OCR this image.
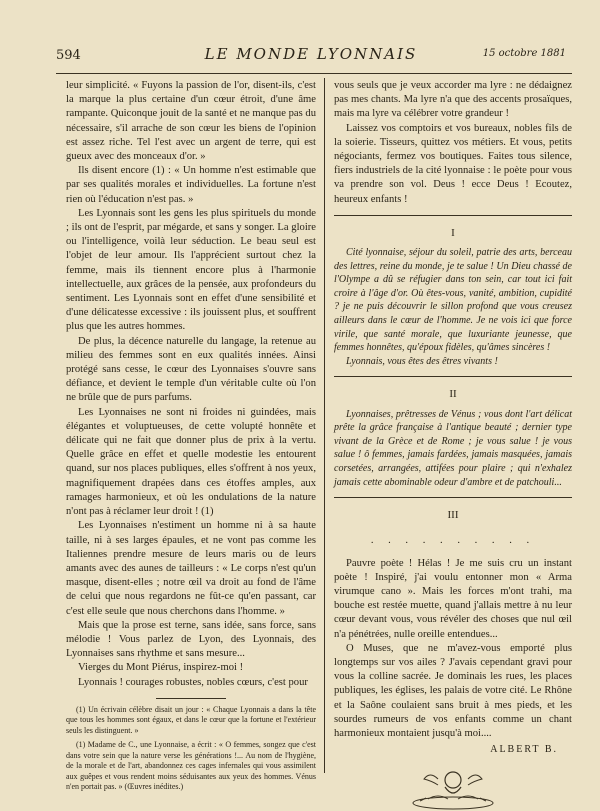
594	LE MONDE LYONNAIS	15 octobre 1881

leur simplicité. « Fuyons la passion de l'or, disent-ils, c'est la marque la plus certaine d'un cœur étroit, d'une âme rampante. Quiconque jouit de la santé et ne manque pas du nécessaire, s'il arrache de son cœur les biens de l'opinion est assez riche. Tel l'est avec un argent de terre, qui est gueux avec des monceaux d'or. »

Ils disent encore (1) : « Un homme n'est estimable que par ses qualités morales et individuelles. La fortune n'est rien où l'éducation n'est pas. »

Les Lyonnais sont les gens les plus spirituels du monde ; ils ont de l'esprit, par mégarde, et sans y songer. La gloire ou l'intelligence, voilà leur séduction. Le beau seul est l'objet de leur amour. Ils l'apprécient surtout chez la femme, mais ils tiennent encore plus à l'harmonie intellectuelle, aux grâces de la pensée, aux profondeurs du sentiment. Les Lyonnais sont en effet d'une sensibilité et d'une délicatesse excessive : ils jouissent plus, et souffrent plus que les autres hommes.

De plus, la décence naturelle du langage, la retenue au milieu des femmes sont en eux qualités innées. Ainsi protégé sans cesse, le cœur des Lyonnaises s'ouvre sans défiance, et devient le temple d'un véritable culte où l'on ne brûle que de purs parfums.

Les Lyonnaises ne sont ni froides ni guindées, mais élégantes et voluptueuses, de cette volupté honnête et délicate qui ne fait que donner plus de prix à la vertu. Quelle grâce en effet et quelle modestie les entourent quand, sur nos places publiques, elles s'offrent à nos yeux, magnifiquement drapées dans ces étoffes amples, aux ramages harmonieux, et où les ondulations de la nature n'ont pas à réclamer leur droit ! (1)

Les Lyonnaises n'estiment un homme ni à sa haute taille, ni à ses larges épaules, et ne vont pas comme les Italiennes prendre mesure de leurs maris ou de leurs amants avec des aunes de tailleurs : « Le corps n'est qu'un masque, disent-elles ; notre œil va droit au fond de l'âme de celui que nous regardons ne fût-ce qu'en passant, car c'est elle seule que nous cherchons dans l'homme. »

Mais que la prose est terne, sans idée, sans force, sans mélodie ! Vous parlez de Lyon, des Lyonnais, des Lyonnaises sans rhythme et sans mesure...

Vierges du Mont Piérus, inspirez-moi !

Lyonnais ! courages robustes, nobles cœurs, c'est pour

(1) Un écrivain célèbre disait un jour : « Chaque Lyonnais a dans la tête que tous les hommes sont égaux, et dans le cœur que la fortune et l'extérieur seuls les distinguent. »

(1) Madame de C., une Lyonnaise, a écrit : « O femmes, songez que c'est dans votre sein que la nature verse les générations !... Au nom de l'hygiène, de la morale et de l'art, abandonnez ces cages infernales qui vous assimilent aux guêpes et vous rendent moins séduisantes aux yeux des hommes. Vénus n'en portait pas. » (Œuvres inédites.)

vous seuls que je veux accorder ma lyre : ne dédaignez pas mes chants. Ma lyre n'a que des accents prosaïques, mais ma lyre va célébrer votre grandeur !

Laissez vos comptoirs et vos bureaux, nobles fils de la soierie. Tisseurs, quittez vos métiers. Et vous, petits négociants, fermez vos boutiques. Faites tous silence, fiers industriels de la cité lyonnaise : le poète pour vous va prendre son vol. Deus ! ecce Deus ! Ecoutez, heureux enfants !

I

Cité lyonnaise, séjour du soleil, patrie des arts, berceau des lettres, reine du monde, je te salue ! Un Dieu chassé de l'Olympe a dû se réfugier dans ton sein, car tout ici fait croire à l'âge d'or. Où êtes-vous, vanité, ambition, cupidité ? je ne puis découvrir le sillon profond que vous creusez ailleurs dans le cœur de l'homme. Je ne vois ici que force virile, que santé morale, que luxuriante jeunesse, que femmes honnêtes, qu'époux fidèles, qu'âmes sincères !

Lyonnais, vous êtes des êtres vivants !

II

Lyonnaises, prêtresses de Vénus ; vous dont l'art délicat prête la grâce française à l'antique beauté ; dernier type vivant de la Grèce et de Rome ; je vous salue ! je vous salue ! ô femmes, jamais fardées, jamais masquées, jamais corsetées, arrangées, attifées pour plaire ; qui n'exhalez jamais cette abominable odeur d'ambre et de patchouli...

III
. . . . . . . . . .

Pauvre poète ! Hélas ! Je me suis cru un instant poète ! Inspiré, j'ai voulu entonner mon « Arma virumque cano ». Mais les forces m'ont trahi, ma bouche est restée muette, quand j'allais mettre à nu leur cœur devant vous, vous révéler des choses que nul œil n'a pénétrées, nulle oreille entendues...

O Muses, que ne m'avez-vous emporté plus longtemps sur vos ailes ? J'avais cependant gravi pour vous la colline sacrée. Je dominais les rues, les places publiques, les églises, les palais de votre cité. Le Rhône et la Saône coulaient sans bruit à mes pieds, et les sourdes rumeurs de vos enfants comme un chant harmonieux montaient jusqu'à moi....

ALBERT B.
